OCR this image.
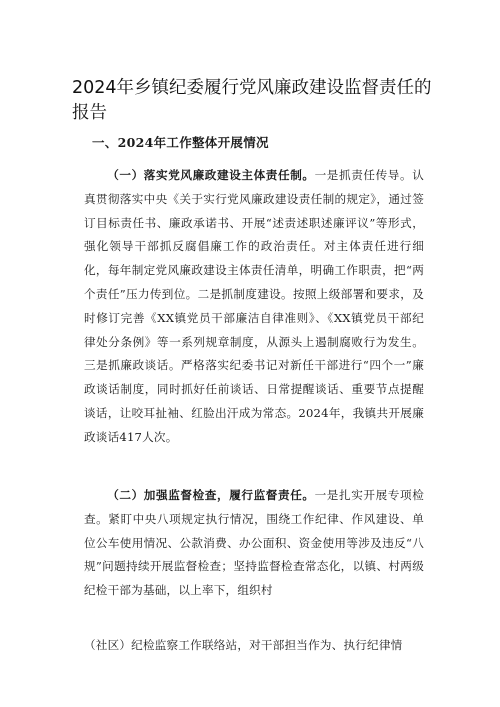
2024年乡镇纪委履行党风廉政建设监督责任的报告
一、2024年工作整体开展情况

（一）落实党风廉政建设主体责任制。一是抓责任传导。认真贯彻落实中央《关于实行党风廉政建设责任制的规定》，通过签订目标责任书、廉政承诺书、开展“述责述职述廉评议”等形式，强化领导干部抓反腐倡廉工作的政治责任。对主体责任进行细化，每年制定党风廉政建设主体责任清单，明确工作职责，把“两个责任”压力传到位。二是抓制度建设。按照上级部署和要求，及时修订完善《XX镇党员干部廉洁自律准则》、《XX镇党员干部纪律处分条例》等一系列规章制度，从源头上遏制腐败行为发生。三是抓廉政谈话。严格落实纪委书记对新任干部进行“四个一”廉政谈话制度，同时抓好任前谈话、日常提醒谈话、重要节点提醒谈话，让咬耳扯袖、红脸出汗成为常态。2024年，我镇共开展廉政谈话417人次。

（二）加强监督检查，履行监督责任。一是扎实开展专项检查。紧盯中央八项规定执行情况，围绕工作纪律、作风建设、单位公车使用情况、公款消费、办公面积、资金使用等涉及违反“八规”问题持续开展监督检查；坚持监督检查常态化，以镇、村两级纪检干部为基础，以上率下，组织村

（社区）纪检监察工作联络站，对干部担当作为、执行纪律情
